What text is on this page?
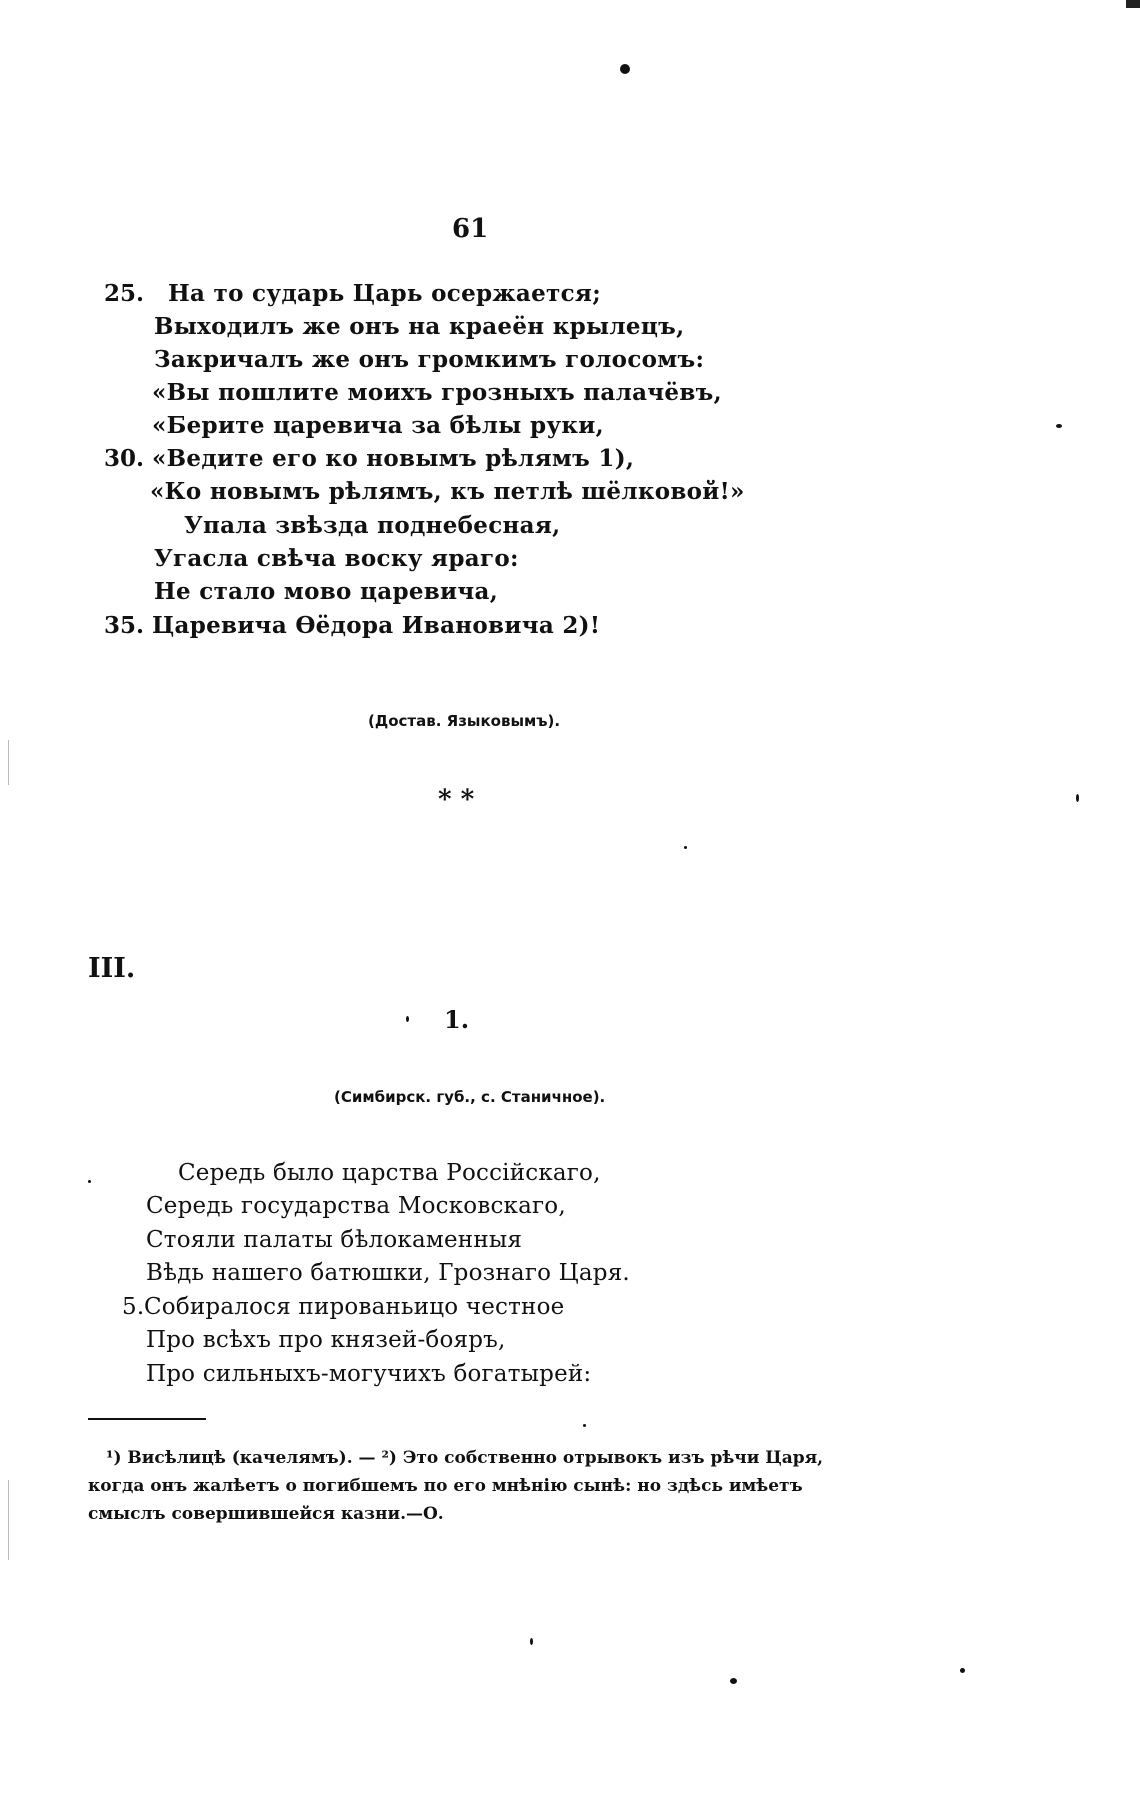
61
25. На то сударь Царь осержается;
Выходилъ же онъ на краеён крылецъ,
Закричалъ же онъ громкимъ голосомъ:
«Вы пошлите моихъ грозныхъ палачёвъ,
«Берите царевича за бѣлы руки,
30. «Ведите его ко новымъ рѣлямъ 1),
«Ко новымъ рѣлямъ, къ петлѣ шёлковой!»
Упала звѣзда поднебесная,
Угасла свѣча воску яраго:
Не стало мово царевича,
35. Царевича Өёдора Ивановича 2)!
(Достав. Языковымъ).
* *
III.
1.
(Симбирск. губ., с. Станичное).
Середь было царства Россійскаго,
Середь государства Московскаго,
Стояли палаты бѣлокаменныя
Вѣдь нашего батюшки, Грознаго Царя.
5. Собиралося пированьицо честное
Про всѣхъ про князей-бояръ,
Про сильныхъ-могучихъ богатырей:
¹) Висѣлицѣ (качелямъ). — ²) Это собственно отрывокъ изъ рѣчи Царя,
когда онъ жалѣетъ о погибшемъ по его мнѣнію сынѣ: но здѣсь имѣетъ
смыслъ совершившейся казни.—О.
